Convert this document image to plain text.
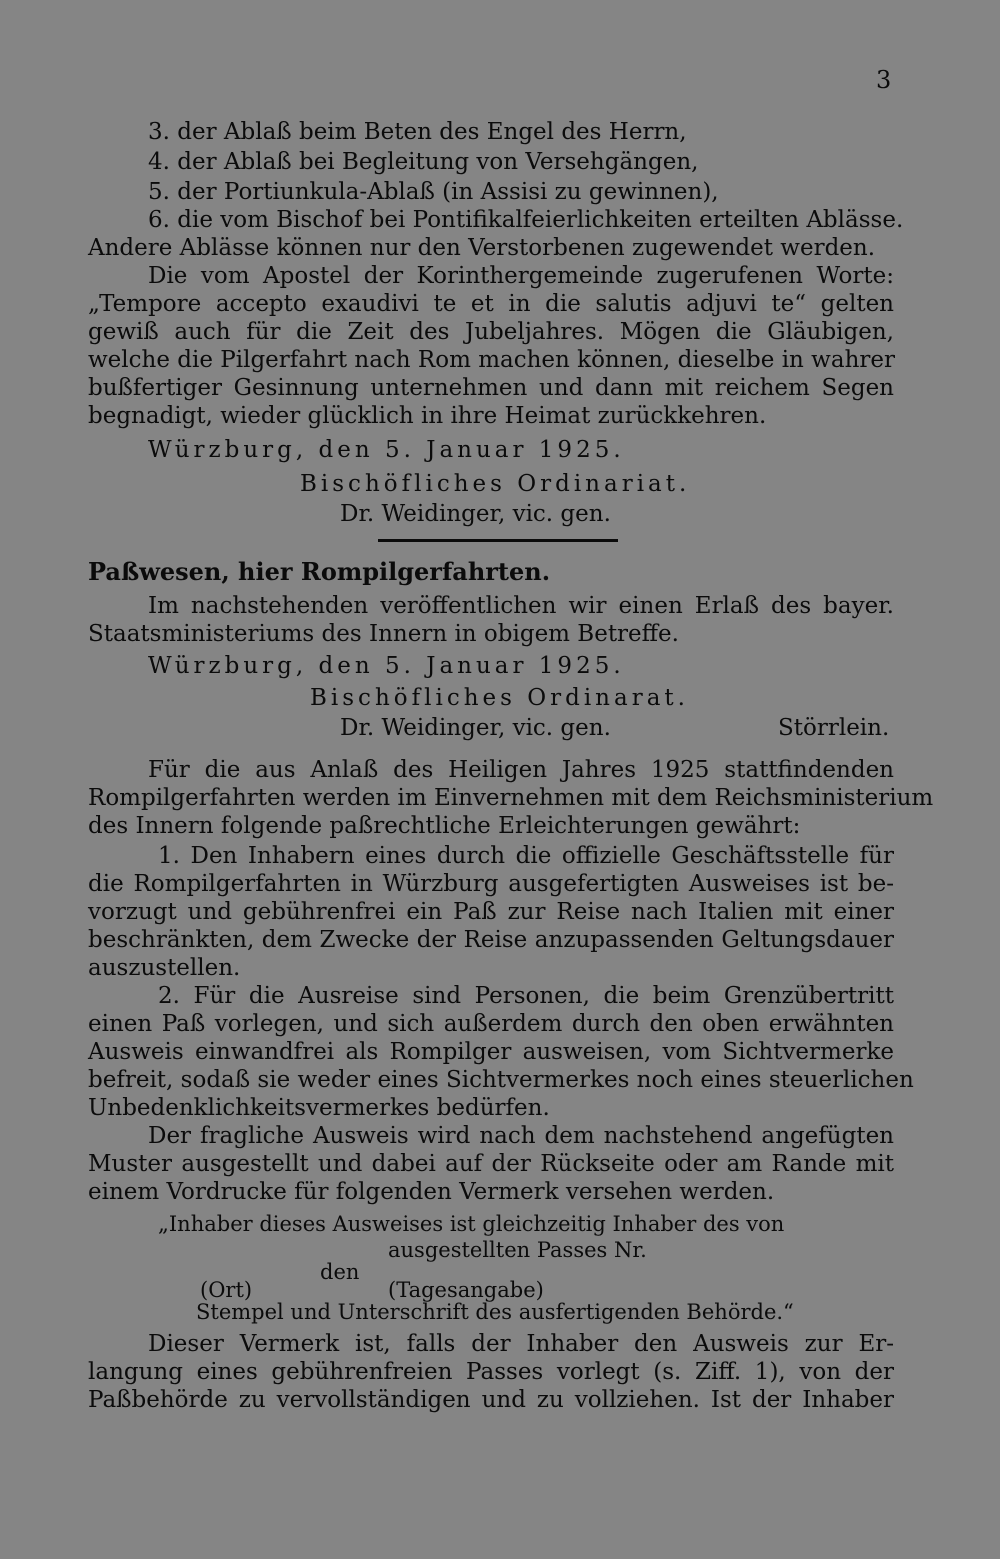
3
3. der Ablaß beim Beten des Engel des Herrn,
4. der Ablaß bei Begleitung von Versehgängen,
5. der Portiunkula-Ablaß (in Assisi zu gewinnen),
6. die vom Bischof bei Pontifikalfeierlichkeiten erteilten Ablässe.
Andere Ablässe können nur den Verstorbenen zugewendet werden.
Die vom Apostel der Korinthergemeinde zugerufenen Worte:
„Tempore accepto exaudivi te et in die salutis adjuvi te“ gelten
gewiß auch für die Zeit des Jubeljahres. Mögen die Gläubigen,
welche die Pilgerfahrt nach Rom machen können, dieselbe in wahrer
bußfertiger Gesinnung unternehmen und dann mit reichem Segen
begnadigt, wieder glücklich in ihre Heimat zurückkehren.
Würzburg, den 5. Januar 1925.
Bischöfliches Ordinariat.
Dr. Weidinger, vic. gen.
Paßwesen, hier Rompilgerfahrten.
Im nachstehenden veröffentlichen wir einen Erlaß des bayer.
Staatsministeriums des Innern in obigem Betreffe.
Würzburg, den 5. Januar 1925.
Bischöfliches Ordinarat.
Dr. Weidinger, vic. gen.	Störrlein.
Für die aus Anlaß des Heiligen Jahres 1925 stattfindenden
Rompilgerfahrten werden im Einvernehmen mit dem Reichsministerium
des Innern folgende paßrechtliche Erleichterungen gewährt:
1. Den Inhabern eines durch die offizielle Geschäftsstelle für
die Rompilgerfahrten in Würzburg ausgefertigten Ausweises ist be-
vorzugt und gebührenfrei ein Paß zur Reise nach Italien mit einer
beschränkten, dem Zwecke der Reise anzupassenden Geltungsdauer
auszustellen.
2. Für die Ausreise sind Personen, die beim Grenzübertritt
einen Paß vorlegen, und sich außerdem durch den oben erwähnten
Ausweis einwandfrei als Rompilger ausweisen, vom Sichtvermerke
befreit, sodaß sie weder eines Sichtvermerkes noch eines steuerlichen
Unbedenklichkeitsvermerkes bedürfen.
Der fragliche Ausweis wird nach dem nachstehend angefügten
Muster ausgestellt und dabei auf der Rückseite oder am Rande mit
einem Vordrucke für folgenden Vermerk versehen werden.
„Inhaber dieses Ausweises ist gleichzeitig Inhaber des von
ausgestellten Passes Nr.
den
(Ort)	(Tagesangabe)
Stempel und Unterschrift des ausfertigenden Behörde.“
Dieser Vermerk ist, falls der Inhaber den Ausweis zur Er-
langung eines gebührenfreien Passes vorlegt (s. Ziff. 1), von der
Paßbehörde zu vervollständigen und zu vollziehen. Ist der Inhaber
